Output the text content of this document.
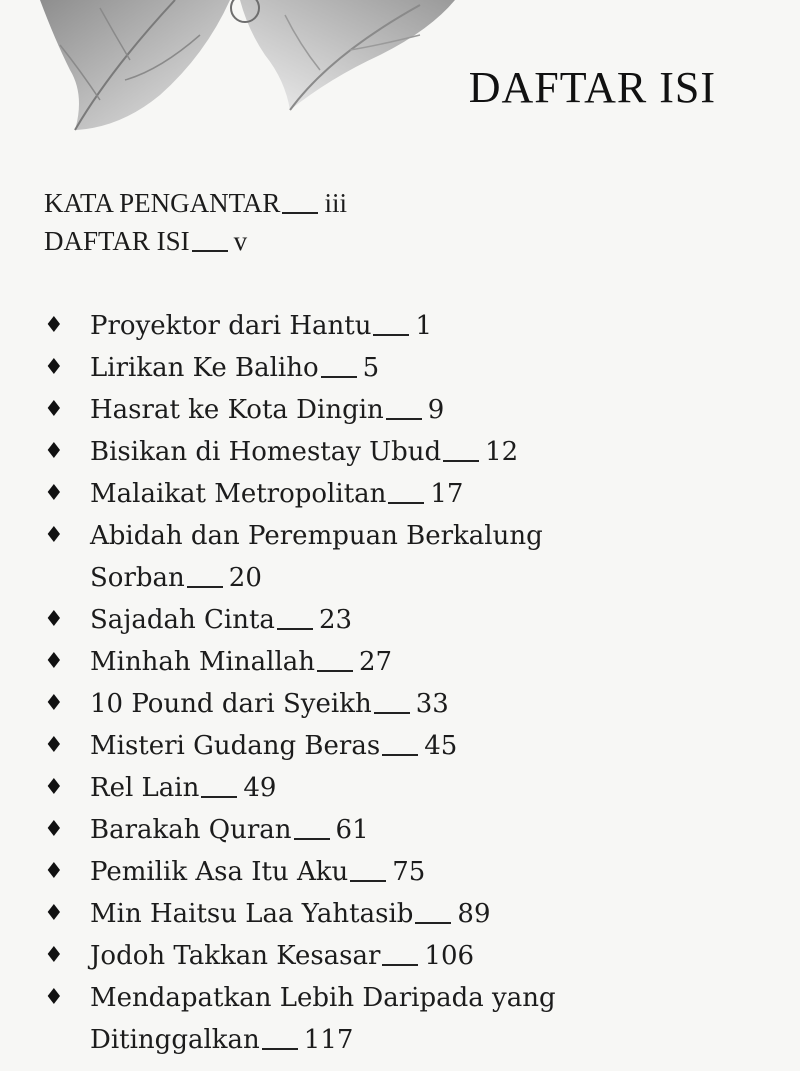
DAFTAR ISI
KATA PENGANTAR iii
DAFTAR ISI v
♦	Proyektor dari Hantu 1
♦	Lirikan Ke Baliho 5
♦	Hasrat ke Kota Dingin 9
♦	Bisikan di Homestay Ubud 12
♦	Malaikat Metropolitan 17
♦	Abidah dan Perempuan Berkalung Sorban 20
♦	Sajadah Cinta 23
♦	Minhah Minallah 27
♦	10 Pound dari Syeikh 33
♦	Misteri Gudang Beras 45
♦	Rel Lain 49
♦	Barakah Quran 61
♦	Pemilik Asa Itu Aku 75
♦	Min Haitsu Laa Yahtasib 89
♦	Jodoh Takkan Kesasar 106
♦	Mendapatkan Lebih Daripada yang Ditinggalkan 117
